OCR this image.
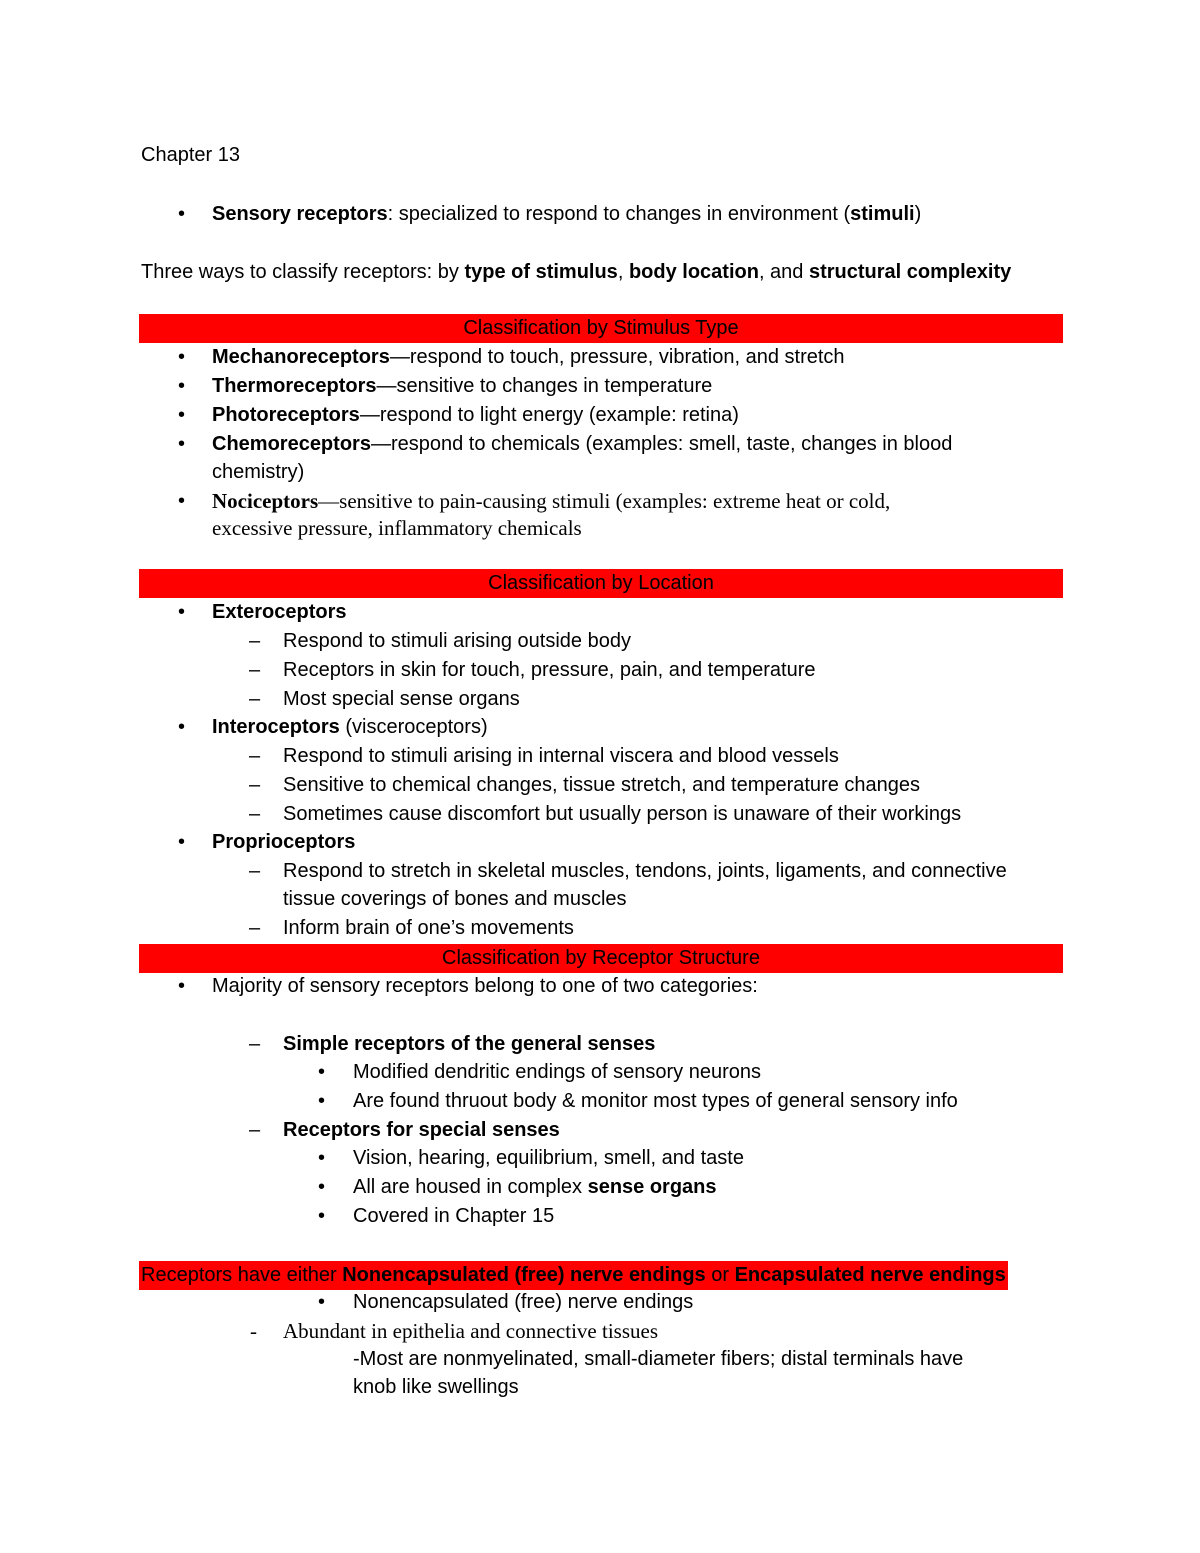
Chapter 13
•	Sensory receptors: specialized to respond to changes in environment (stimuli)
Three ways to classify receptors: by type of stimulus, body location, and structural complexity
Classification by Stimulus Type
•	Mechanoreceptors—respond to touch, pressure, vibration, and stretch
•	Thermoreceptors—sensitive to changes in temperature
•	Photoreceptors—respond to light energy (example: retina)
•	Chemoreceptors—respond to chemicals (examples: smell, taste, changes in blood
chemistry)
•	Nociceptors—sensitive to pain-causing stimuli (examples: extreme heat or cold,
excessive pressure, inflammatory chemicals
Classification by Location
•	Exteroceptors
–	Respond to stimuli arising outside body
–	Receptors in skin for touch, pressure, pain, and temperature
–	Most special sense organs
•	Interoceptors (visceroceptors)
–	Respond to stimuli arising in internal viscera and blood vessels
–	Sensitive to chemical changes, tissue stretch, and temperature changes
–	Sometimes cause discomfort but usually person is unaware of their workings
•	Proprioceptors
–	Respond to stretch in skeletal muscles, tendons, joints, ligaments, and connective
tissue coverings of bones and muscles
–	Inform brain of one’s movements
Classification by Receptor Structure
•	Majority of sensory receptors belong to one of two categories:
–	Simple receptors of the general senses
•	Modified dendritic endings of sensory neurons
•	Are found thruout body & monitor most types of general sensory info
–	Receptors for special senses
•	Vision, hearing, equilibrium, smell, and taste
•	All are housed in complex sense organs
•	Covered in Chapter 15
Receptors have either Nonencapsulated (free) nerve endings or Encapsulated nerve endings
•	Nonencapsulated (free) nerve endings
-	Abundant in epithelia and connective tissues
-Most are nonmyelinated, small-diameter fibers; distal terminals have
knob like swellings
